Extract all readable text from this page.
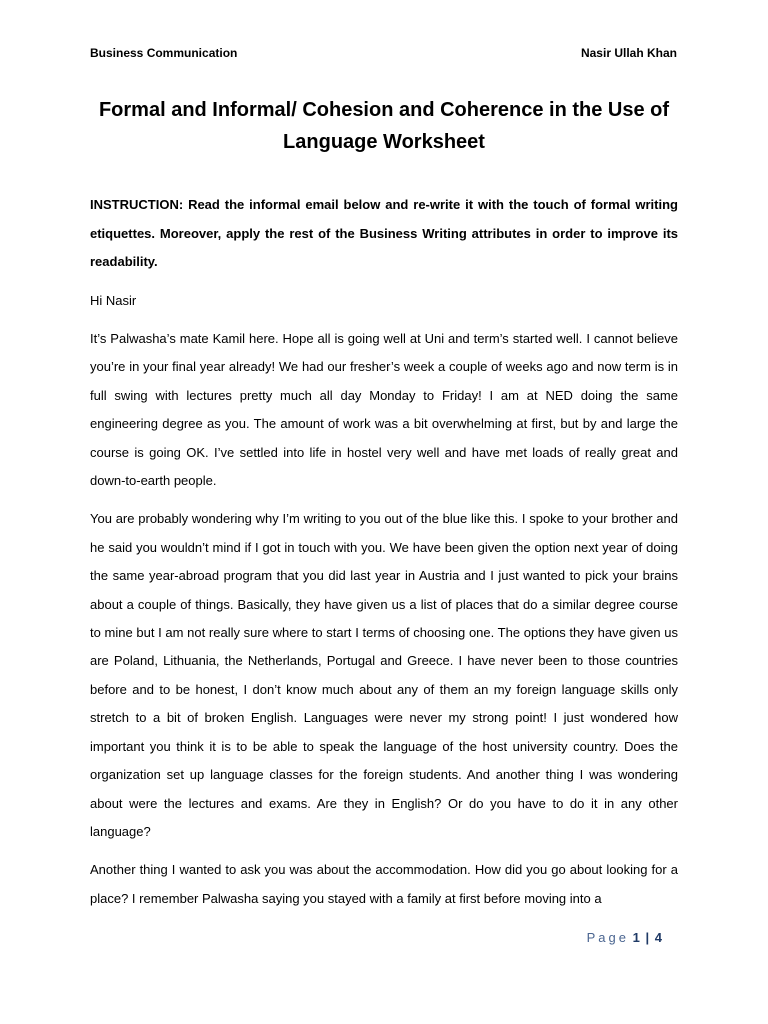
Business Communication	Nasir Ullah Khan
Formal and Informal/ Cohesion and Coherence in the Use of
Language Worksheet

INSTRUCTION: Read the informal email below and re-write it with the touch of formal writing etiquettes. Moreover, apply the rest of the Business Writing attributes in order to improve its readability.

Hi Nasir

It’s Palwasha’s mate Kamil here. Hope all is going well at Uni and term’s started well. I cannot believe you’re in your final year already! We had our fresher’s week a couple of weeks ago and now term is in full swing with lectures pretty much all day Monday to Friday! I am at NED doing the same engineering degree as you. The amount of work was a bit overwhelming at first, but by and large the course is going OK. I’ve settled into life in hostel very well and have met loads of really great and down-to-earth people.

You are probably wondering why I’m writing to you out of the blue like this. I spoke to your brother and he said you wouldn’t mind if I got in touch with you. We have been given the option next year of doing the same year-abroad program that you did last year in Austria and I just wanted to pick your brains about a couple of things. Basically, they have given us a list of places that do a similar degree course to mine but I am not really sure where to start I terms of choosing one. The options they have given us are Poland, Lithuania, the Netherlands, Portugal and Greece. I have never been to those countries before and to be honest, I don’t know much about any of them an my foreign language skills only stretch to a bit of broken English. Languages were never my strong point! I just wondered how important you think it is to be able to speak the language of the host university country. Does the organization set up language classes for the foreign students. And another thing I was wondering about were the lectures and exams. Are they in English? Or do you have to do it in any other language?

Another thing I wanted to ask you was about the accommodation. How did you go about looking for a place? I remember Palwasha saying you stayed with a family at first before moving into a

Page 1 | 4
